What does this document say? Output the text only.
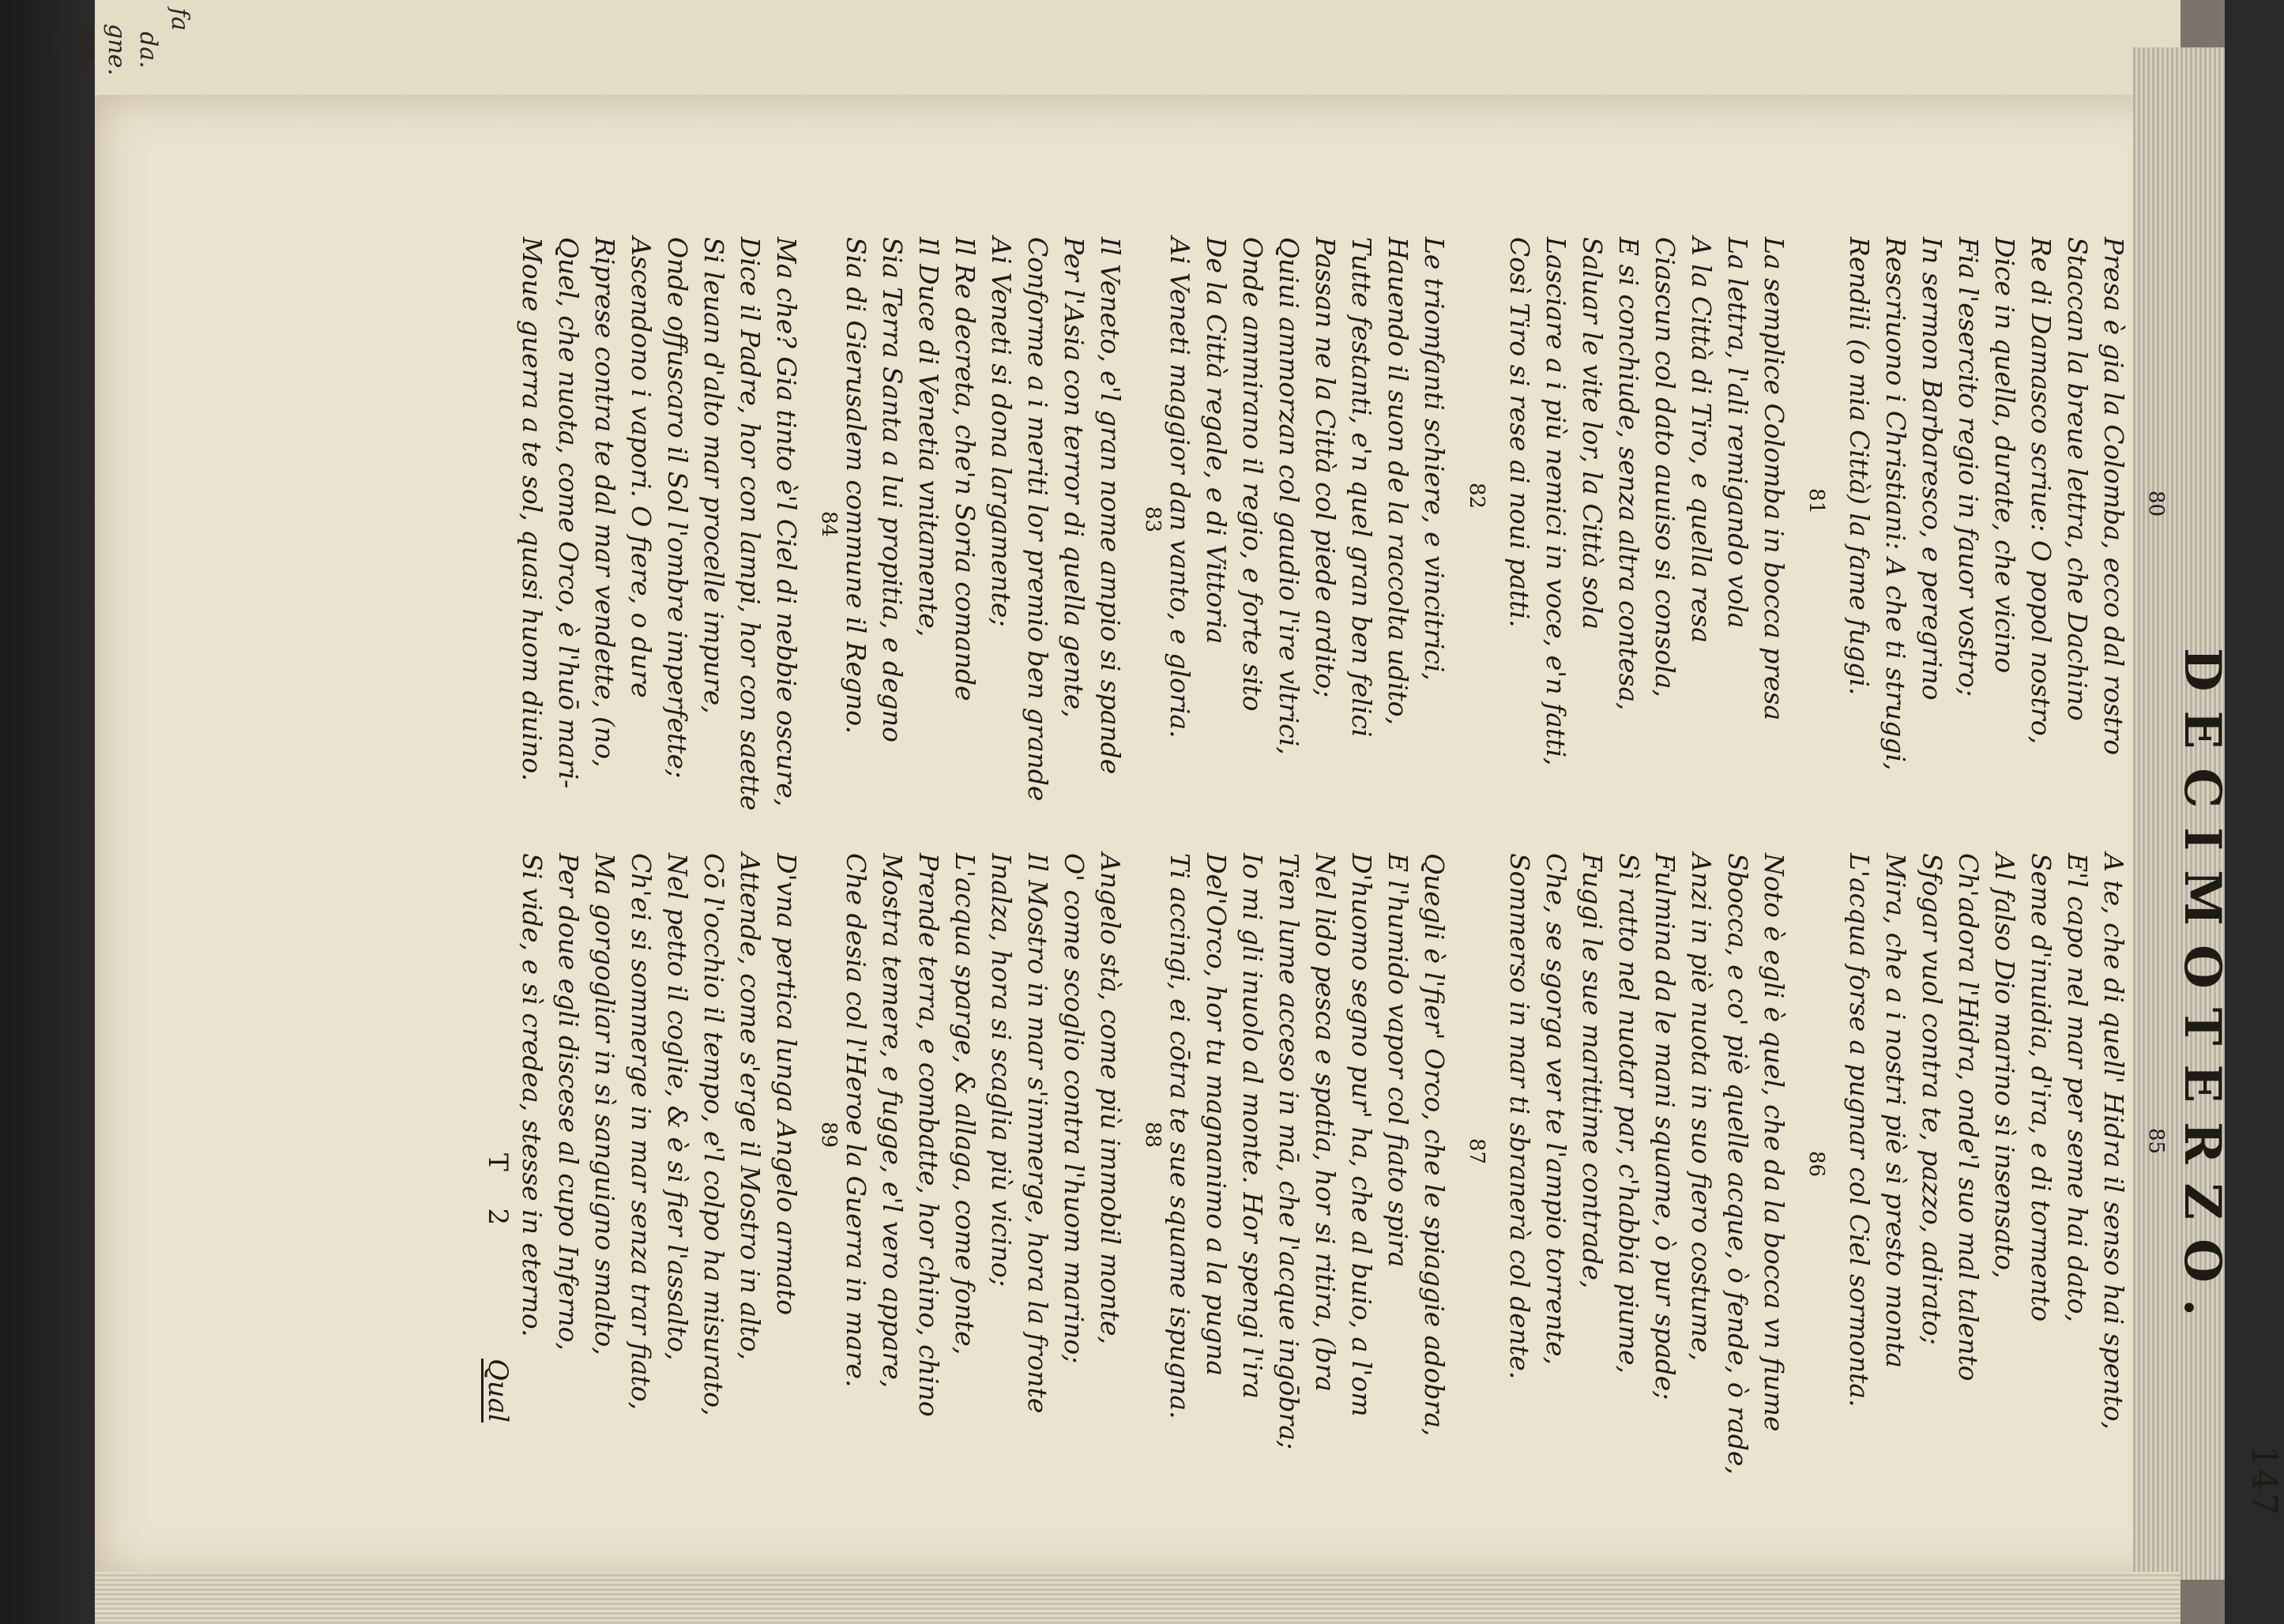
fa
da.
gne.
me,
ti;
147
DECIMOTERZO.
80
Presa è gia la Colomba, ecco dal rostro
Staccan la breue lettra, che Dachino
Re di Damasco scriue: O popol nostro,
Dice in quella, durate, che vicino
Fia l'esercito regio in fauor vostro;
In sermon Barbaresco, e peregrino
Rescriuono i Christiani: A che ti struggi,
Rendili (o mia Città) la fame fuggi.
81
La semplice Colomba in bocca presa
La lettra, l'ali remigando vola
A la Città di Tiro, e quella resa
Ciascun col dato auuiso si consola,
E si conchiude, senza altra contesa,
Saluar le vite lor, la Città sola
Lasciare a i più nemici in voce, e'n fatti,
Così Tiro si rese ai noui patti.
82
Le triomfanti schiere, e vincitrici,
Hauendo il suon de la raccolta udito,
Tutte festanti, e'n quel gran ben felici
Passan ne la Città col piede ardito;
Quiui ammorzan col gaudio l'ire vltrici,
Onde ammirano il regio, e forte sito
De la Città regale, e di Vittoria
Ai Veneti maggior dan vanto, e gloria.
83
Il Veneto, e'l gran nome ampio si spande
Per l'Asia con terror di quella gente,
Conforme a i meriti lor premio ben grande
Ai Veneti si dona largamente;
Il Re decreta, che'n Soria comande
Il Duce di Venetia vnitamente,
Sia Terra Santa a lui propitia, e degno
Sia di Gierusalem commune il Regno.
84
Ma che? Gia tinto è'l Ciel di nebbie oscure,
Dice il Padre, hor con lampi, hor con saette
Si leuan d'alto mar procelle impure,
Onde offuscaro il Sol l'ombre imperfette;
Ascendono i vapori. O fiere, o dure
Riprese contra te dal mar vendette, (no,
Quel, che nuota, come Orco, è l'huō mari-
Moue guerra a te sol, quasi huom diuino.
85
A te, che di quell' Hidra il senso hai spento,
E'l capo nel mar per seme hai dato,
Seme d'inuidia, d'ira, e di tormento
Al falso Dio marino sì insensato,
Ch'adora l'Hidra, onde'l suo mal talento
Sfogar vuol contra te, pazzo, adirato;
Mira, che a i nostri piè sì presto monta
L'acqua forse a pugnar col Ciel sormonta.
86
Noto è egli è quel, che da la bocca vn fiume
Sbocca, e co' piè quelle acque, ò fende, ò rade,
Anzi in piè nuota in suo fiero costume,
Fulmina da le mani squame, ò pur spade;
Sì ratto nel nuotar par, c'habbia piume,
Fuggi le sue marittime contrade,
Che, se sgorga ver te l'ampio torrente,
Sommerso in mar ti sbranerà col dente.
87
Quegli è l'fier' Orco, che le spiaggie adobra,
E l'humido vapor col fiato spira
D'huomo segno pur' ha, che al buio, a l'om
Nel lido pesca e spatia, hor si ritira, (bra
Tien lume acceso in mā, che l'acque ingōbra;
Io mi gli inuolo al monte. Hor spengi l'ira
Del'Orco, hor tu magnanimo a la pugna
Ti accingi, ei cōtra te sue squame ispugna.
88
Angelo stà, come più immobil monte,
O' come scoglio contra l'huom marino;
Il Mostro in mar s'immerge, hora la fronte
Inalza, hora si scaglia più vicino;
L'acqua sparge, & allaga, come fonte,
Prende terra, e combatte, hor chino, chino
Mostra temere, e fugge, e'l vero appare,
Che desia col l'Heroe la Guerra in mare.
89
D'vna pertica lunga Angelo armato
Attende, come s'erge il Mostro in alto,
Cō l'occhio il tempo, e'l colpo ha misurato,
Nel petto il coglie, & è sì fier l'assalto,
Ch'ei si sommerge in mar senza trar fiato,
Ma gorgogliar in sì sanguigno smalto,
Per doue egli discese al cupo Inferno,
Si vide, e sì credea, stesse in eterno.
T 2
Qual
